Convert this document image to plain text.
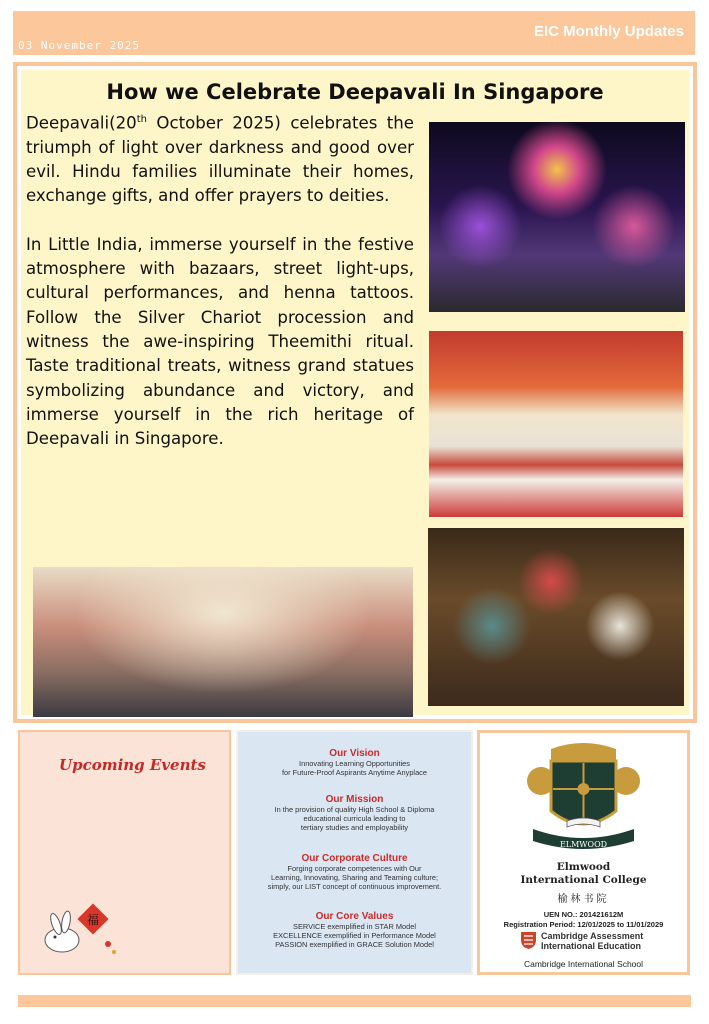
03 November 2025
EIC Monthly Updates
How we Celebrate Deepavali In Singapore

Deepavali(20th October 2025) celebrates the triumph of light over darkness and good over evil. Hindu families illuminate their homes, exchange gifts, and offer prayers to deities.

In Little India, immerse yourself in the festive atmosphere with bazaars, street light-ups, cultural performances, and henna tattoos. Follow the Silver Chariot procession and witness the awe-inspiring Theemithi ritual. Taste traditional treats, witness grand statues symbolizing abundance and victory, and immerse yourself in the rich heritage of Deepavali in Singapore.

Upcoming Events
福
Our Vision
Innovating Learning Opportunities
for Future-Proof Aspirants Anytime Anyplace
Our Mission
In the provision of quality High School & Diploma
educational curricula leading to
tertiary studies and employability
Our Corporate Culture
Forging corporate competences with Our
Learning, Innovating, Sharing and Teaming culture;
simply, our LIST concept of continuous improvement.
Our Core Values
SERVICE exemplified in STAR Model
EXCELLENCE exemplified in Performance Model
PASSION exemplified in GRACE Solution Model
ELMWOOD
Elmwood
International College
榆林书院
UEN NO.: 201421612M
Registration Period: 12/01/2025 to 11/01/2029
Cambridge Assessment
International Education
Cambridge International School
